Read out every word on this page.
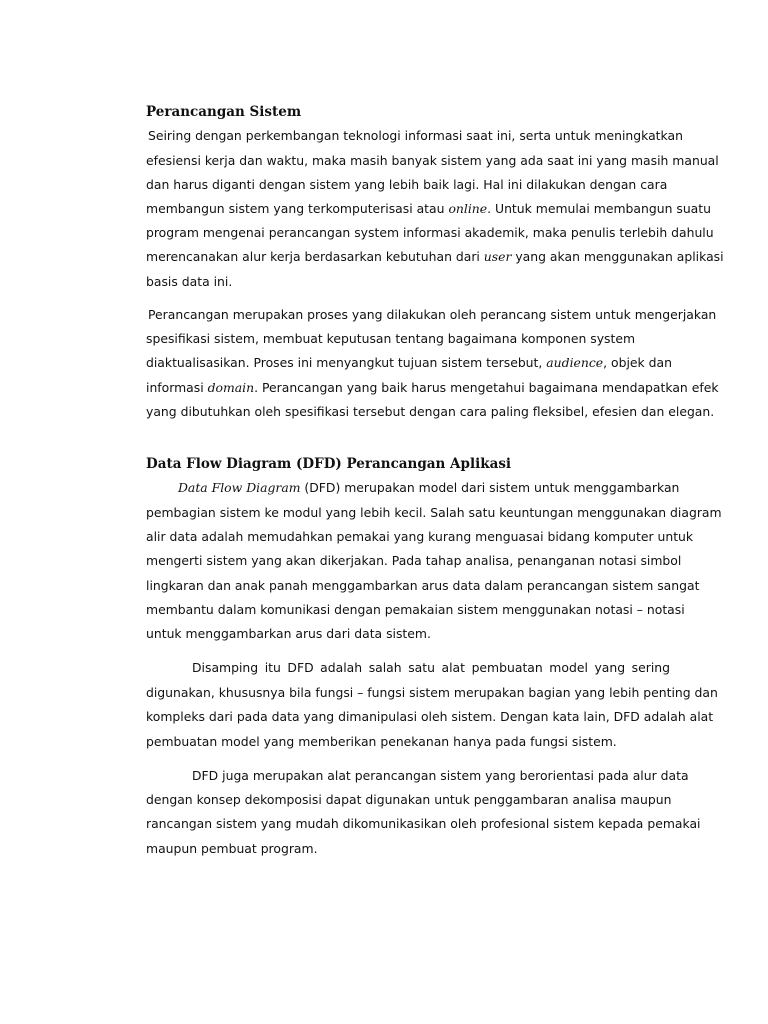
Perancangan Sistem

Seiring dengan perkembangan teknologi informasi saat ini, serta untuk meningkatkan

efesiensi kerja dan waktu, maka masih banyak sistem yang ada saat ini yang masih manual

dan harus diganti dengan sistem yang lebih baik lagi. Hal ini dilakukan dengan cara

membangun sistem yang terkomputerisasi atau online. Untuk memulai membangun suatu

program mengenai perancangan system informasi akademik, maka penulis terlebih dahulu

merencanakan alur kerja berdasarkan kebutuhan dari user yang akan menggunakan aplikasi

basis data ini.

Perancangan merupakan proses yang dilakukan oleh perancang sistem untuk mengerjakan

spesifikasi sistem, membuat keputusan tentang bagaimana komponen system

diaktualisasikan. Proses ini menyangkut tujuan sistem tersebut, audience, objek dan

informasi domain. Perancangan yang baik harus mengetahui bagaimana mendapatkan efek

yang dibutuhkan oleh spesifikasi tersebut dengan cara paling fleksibel, efesien dan elegan.

Data Flow Diagram (DFD) Perancangan Aplikasi

Data Flow Diagram (DFD) merupakan model dari sistem untuk menggambarkan

pembagian sistem ke modul yang lebih kecil. Salah satu keuntungan menggunakan diagram

alir data adalah memudahkan pemakai yang kurang menguasai bidang komputer untuk

mengerti sistem yang akan dikerjakan. Pada tahap analisa, penanganan notasi simbol

lingkaran dan anak panah menggambarkan arus data dalam perancangan sistem sangat

membantu dalam komunikasi dengan pemakaian sistem menggunakan notasi – notasi

untuk menggambarkan arus dari data sistem.

Disamping itu DFD adalah salah satu alat pembuatan model yang sering

digunakan, khususnya bila fungsi – fungsi sistem merupakan bagian yang lebih penting dan

kompleks dari pada data yang dimanipulasi oleh sistem. Dengan kata lain, DFD adalah alat

pembuatan model yang memberikan penekanan hanya pada fungsi sistem.

DFD juga merupakan alat perancangan sistem yang berorientasi pada alur data

dengan konsep dekomposisi dapat digunakan untuk penggambaran analisa maupun

rancangan sistem yang mudah dikomunikasikan oleh profesional sistem kepada pemakai

maupun pembuat program.
